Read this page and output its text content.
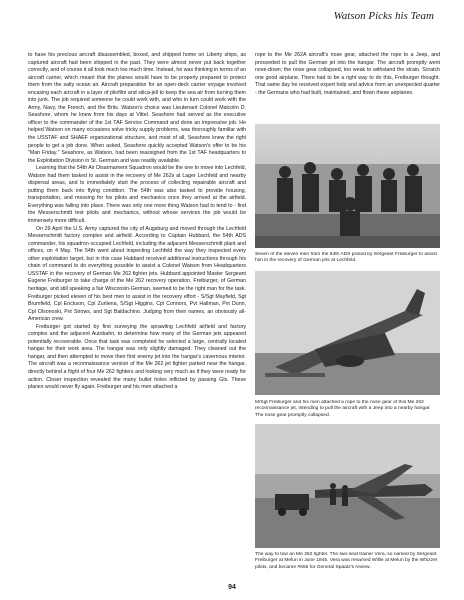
Watson Picks his Team

to have his precious aircraft disassembled, boxed, and shipped home on Liberty ships, as captured aircraft had been shipped in the past. They were almost never put back together correctly, and of course it all took much too much time. Instead, he was thinking in terms of an aircraft carrier, which meant that the planes would have to be properly prepared to protect them from the salty ocean air. Aircraft preparation for an open-deck carrier voyage involved encasing each aircraft in a layer of pliofilm and silica-jell to keep the sea air from turning them into junk. The job required someone he could work with, and who in turn could work with the Army, Navy, the French, and the Brits. Watson's choice was Lieutenant Colonel Malcolm D. Seashore, whom he knew from his days at Vittel. Seashore had served as the executive officer to the commander of the 1st TAF Service Command and done an impressive job. He helped Watson on many occasions solve tricky supply problems, was thoroughly familiar with the USSTAF and SHAEF organizational structure, and most of all, Seashore knew the right people to get a job done. When asked, Seashore quickly accepted Watson's offer to be his "Man Friday." Seashore, as Watson, had been reassigned from the 1st TAF headquarters to the Exploitation Division in St. Germain and was readily available.

Learning that the 54th Air Disarmament Squadron would be the one to move into Lechfeld, Watson had them tasked to assist in the recovery of Me 262s at Lager Lechfeld and nearby dispersal areas, and to immediately start the process of collecting repairable aircraft and putting them back into flying condition. The 54th was also tasked to provide housing, transportation, and messing for his pilots and mechanics once they arrived at the airfield. Everything was falling into place. There was only one more thing Watson had to tend to - find the Messerschmitt test pilots and mechanics, without whose services the job would be immensely more difficult.

On 29 April the U.S. Army captured the city of Augsburg and moved through the Lechfeld Messerschmitt factory complex and airfield. According to Captain Hubbard, the 54th ADS commander, his squadron occupied Lechfeld, including the adjacent Messerschmitt plant and offices, on 4 May. The 54th went about inspecting Lechfeld the way they inspected every other exploitation target, but in this case Hubbard received additional instructions through his chain of command to do everything possible to assist a Colonel Watson from Headquarters USSTAF in the recovery of German Me 262 fighter jets. Hubbard appointed Master Sergeant Eugene Freiburger to take charge of the Me 262 recovery operation. Freiburger, of German heritage, and still speaking a fair Wisconsin-German, seemed to be the right man for the task. Freiburger picked eleven of his best men to assist in the recovery effort - S/Sgt Mayfield, Sgt Brumfield, Cpl Erickson, Cpl Zurlienа, S/Sgt Higgins, Cpl Connors, Pvt Hallman, Pvt Dunn, Cpl Olsonoski, Pvt Strows, and Sgt Baldachino. Judging from their names, an obviously all-American crew.

Freiburger got started by first surveying the sprawling Lechfeld airfield and factory complex and the adjacent Autobahn, to determine how many of the German jets appeared potentially recoverable. Once that task was completed he selected a large, centrally located hangar for their work area. The hangar was only slightly damaged. They cleaned out the hangar, and then attempted to move their first enemy jet into the hangar's cavernous interior. The aircraft was a reconnaissance version of the Me 262 jet fighter parked near the hangar, directly behind a flight of four Me 262 fighters and looking very much as if they were ready for action. Closer inspection revealed the many bullet holes inflicted by passing GIs. These planes would never fly again. Freiburger and his men attached a

rope to the Me 262A aircraft's nose gear, attached the rope to a Jeep, and proceeded to pull the German jet into the hangar. The aircraft promptly went nose-down; the nose gear collapsed, too weak to withstand the strain. Scratch one good airplane. There had to be a right way to do this, Freiburger thought. That same day he received expert help and advice from an unexpected quarter - the Germans who had built, maintained, and flown these airplanes.

Seven of the eleven men from the 54th ADS picked by Sergeant Freiburger to assist him in the recovery of German jets at Lechfeld.
M/Sgt Freiburger and his men attached a rope to the nose gear of this Me 262 reconnaissance jet, intending to pull the aircraft with a Jeep into a nearby hangar. The nose gear promptly collapsed.
The way to tow an Me 262 fighter. The two-seat trainer Vera, so named by Sergeant Freiburger at Melun in June 1945. Vera was renamed Willie at Melun by the Whizzer pilots, and became #555 for General Spaatz's review.
94
